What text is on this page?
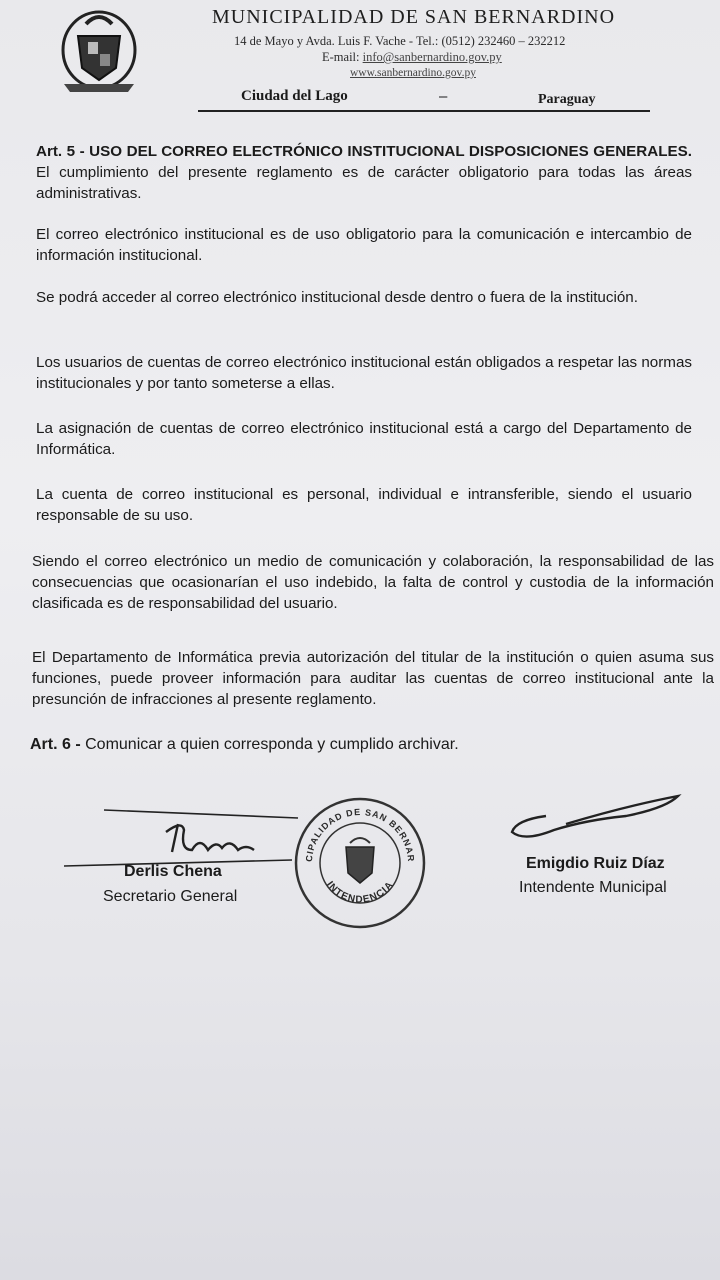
MUNICIPALIDAD DE SAN BERNARDINO
14 de Mayo y Avda. Luis F. Vache - Tel.: (0512) 232460 – 232212
E-mail: info@sanbernardino.gov.py
www.sanbernardino.gov.py
Ciudad del Lago	–	Paraguay
Art. 5 - USO DEL CORREO ELECTRÓNICO INSTITUCIONAL DISPOSICIONES GENERALES. El cumplimiento del presente reglamento es de carácter obligatorio para todas las áreas administrativas.
El correo electrónico institucional es de uso obligatorio para la comunicación e intercambio de información institucional.
Se podrá acceder al correo electrónico institucional desde dentro o fuera de la institución.
Los usuarios de cuentas de correo electrónico institucional están obligados a respetar las normas institucionales y por tanto someterse a ellas.
La asignación de cuentas de correo electrónico institucional está a cargo del Departamento de Informática.
La cuenta de correo institucional es personal, individual e intransferible, siendo el usuario responsable de su uso.
Siendo el correo electrónico un medio de comunicación y colaboración, la responsabilidad de las consecuencias que ocasionarían el uso indebido, la falta de control y custodia de la información clasificada es de responsabilidad del usuario.
El Departamento de Informática previa autorización del titular de la institución o quien asuma sus funciones, puede proveer información para auditar las cuentas de correo institucional ante la presunción de infracciones al presente reglamento.
Art. 6 - Comunicar a quien corresponda y cumplido archivar.
Derlis Chena
Secretario General
CIPALIDAD DE SAN BERNAR
INTENDENCIA
Emigdio Ruiz Díaz
Intendente Municipal
